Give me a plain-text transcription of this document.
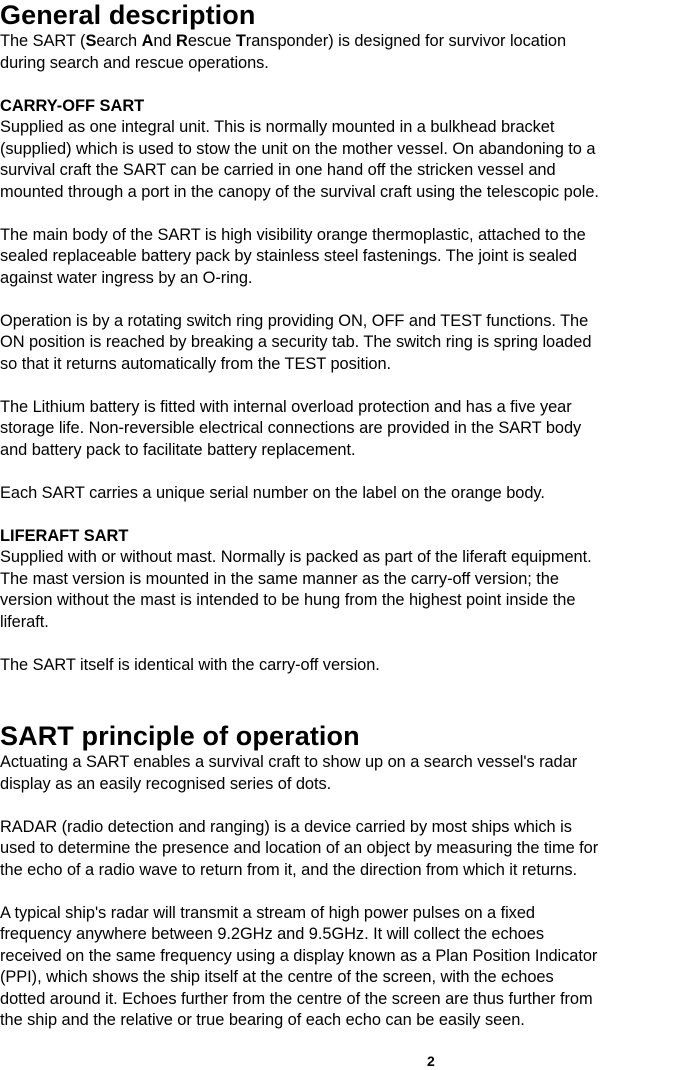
General description

The SART (Search And Rescue Transponder) is designed for survivor location
during search and rescue operations.

CARRY-OFF SART

Supplied as one integral unit. This is normally mounted in a bulkhead bracket
(supplied) which is used to stow the unit on the mother vessel. On abandoning to a
survival craft the SART can be carried in one hand off the stricken vessel and
mounted through a port in the canopy of the survival craft using the telescopic pole.

The main body of the SART is high visibility orange thermoplastic, attached to the
sealed replaceable battery pack by stainless steel fastenings. The joint is sealed
against water ingress by an O-ring.

Operation is by a rotating switch ring providing ON, OFF and TEST functions. The
ON position is reached by breaking a security tab. The switch ring is spring loaded
so that it returns automatically from the TEST position.

The Lithium battery is fitted with internal overload protection and has a five year
storage life. Non-reversible electrical connections are provided in the SART body
and battery pack to facilitate battery replacement.

Each SART carries a unique serial number on the label on the orange body.

LIFERAFT SART

Supplied with or without mast. Normally is packed as part of the liferaft equipment.
The mast version is mounted in the same manner as the carry-off version; the
version without the mast is intended to be hung from the highest point inside the
liferaft.

The SART itself is identical with the carry-off version.

SART principle of operation

Actuating a SART enables a survival craft to show up on a search vessel's radar
display as an easily recognised series of dots.

RADAR (radio detection and ranging) is a device carried by most ships which is
used to determine the presence and location of an object by measuring the time for
the echo of a radio wave to return from it, and the direction from which it returns.

A typical ship's radar will transmit a stream of high power pulses on a fixed
frequency anywhere between 9.2GHz and 9.5GHz. It will collect the echoes
received on the same frequency using a display known as a Plan Position Indicator
(PPI), which shows the ship itself at the centre of the screen, with the echoes
dotted around it. Echoes further from the centre of the screen are thus further from
the ship and the relative or true bearing of each echo can be easily seen.

2
